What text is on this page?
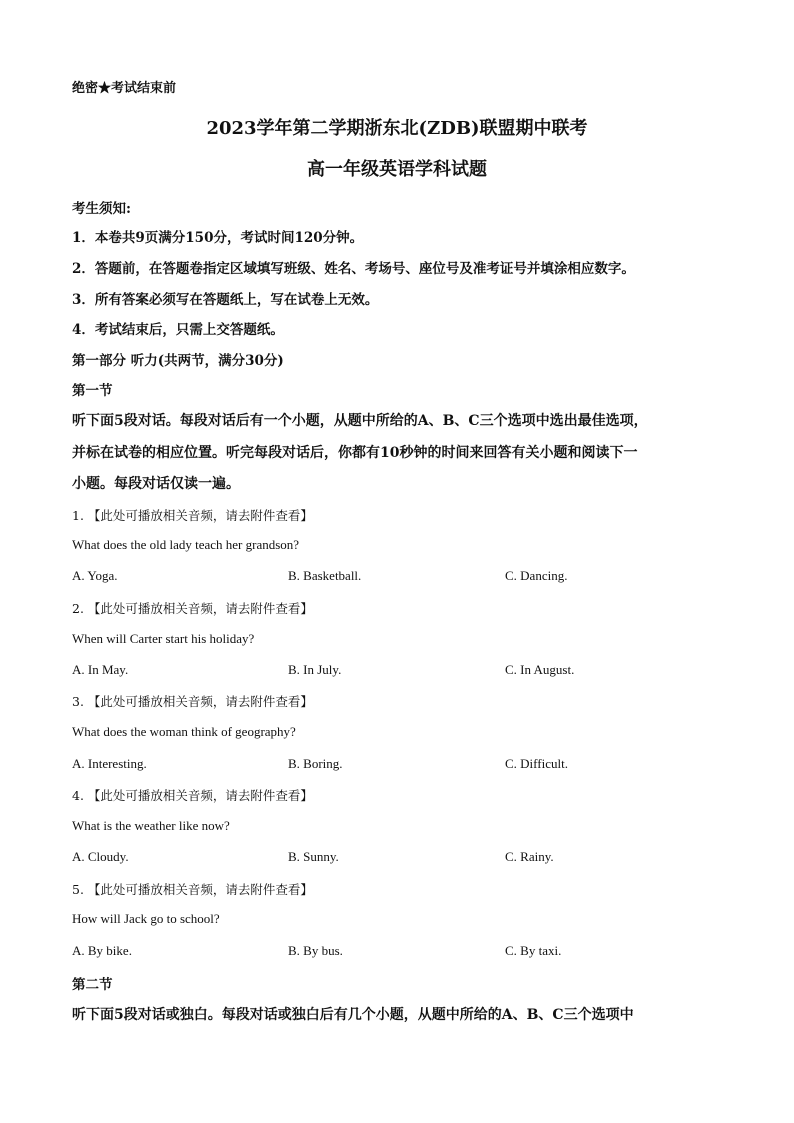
绝密★考试结束前
2023学年第二学期浙东北(ZDB)联盟期中联考
高一年级英语学科试题
考生须知:
1．本卷共9页满分150分，考试时间120分钟。
2．答题前，在答题卷指定区域填写班级、姓名、考场号、座位号及准考证号并填涂相应数字。
3．所有答案必须写在答题纸上，写在试卷上无效。
4．考试结束后，只需上交答题纸。
第一部分 听力(共两节，满分30分)
第一节
听下面5段对话。每段对话后有一个小题，从题中所给的A、B、C三个选项中选出最佳选项，
并标在试卷的相应位置。听完每段对话后，你都有10秒钟的时间来回答有关小题和阅读下一
小题。每段对话仅读一遍。
1. 【此处可播放相关音频，请去附件查看】
What does the old lady teach her grandson?
A. Yoga.	B. Basketball.	C. Dancing.
2. 【此处可播放相关音频，请去附件查看】
When will Carter start his holiday?
A. In May.	B. In July.	C. In August.
3. 【此处可播放相关音频，请去附件查看】
What does the woman think of geography?
A. Interesting.	B. Boring.	C. Difficult.
4. 【此处可播放相关音频，请去附件查看】
What is the weather like now?
A. Cloudy.	B. Sunny.	C. Rainy.
5. 【此处可播放相关音频，请去附件查看】
How will Jack go to school?
A. By bike.	B. By bus.	C. By taxi.
第二节
听下面5段对话或独白。每段对话或独白后有几个小题，从题中所给的A、B、C三个选项中
